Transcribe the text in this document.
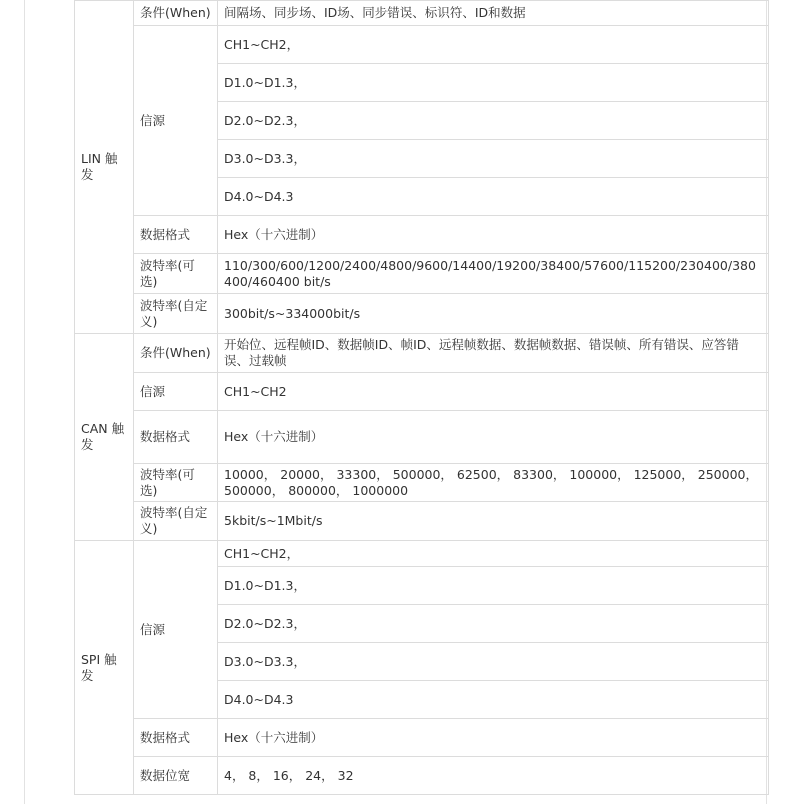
LIN 触发	条件(When)	间隔场、同步场、ID场、同步错误、标识符、ID和数据
	信源	CH1~CH2，
		D1.0~D1.3，
		D2.0~D2.3，
		D3.0~D3.3，
		D4.0~D4.3
	数据格式	Hex（十六进制）
	波特率(可选)	110/300/600/1200/2400/4800/9600/14400/19200/38400/57600/115200/230400/380400/460400 bit/s
	波特率(自定义)	300bit/s~334000bit/s
CAN 触发	条件(When)	开始位、远程帧ID、数据帧ID、帧ID、远程帧数据、数据帧数据、错误帧、所有错误、应答错误、过载帧
	信源	CH1~CH2
	数据格式	Hex（十六进制）
	波特率(可选)	10000， 20000， 33300， 500000， 62500， 83300， 100000， 125000， 250000， 500000， 800000， 1000000
	波特率(自定义)	5kbit/s~1Mbit/s
SPI 触发	信源	CH1~CH2，
		D1.0~D1.3，
		D2.0~D2.3，
		D3.0~D3.3，
		D4.0~D4.3
	数据格式	Hex（十六进制）
	数据位宽	4， 8， 16， 24， 32
